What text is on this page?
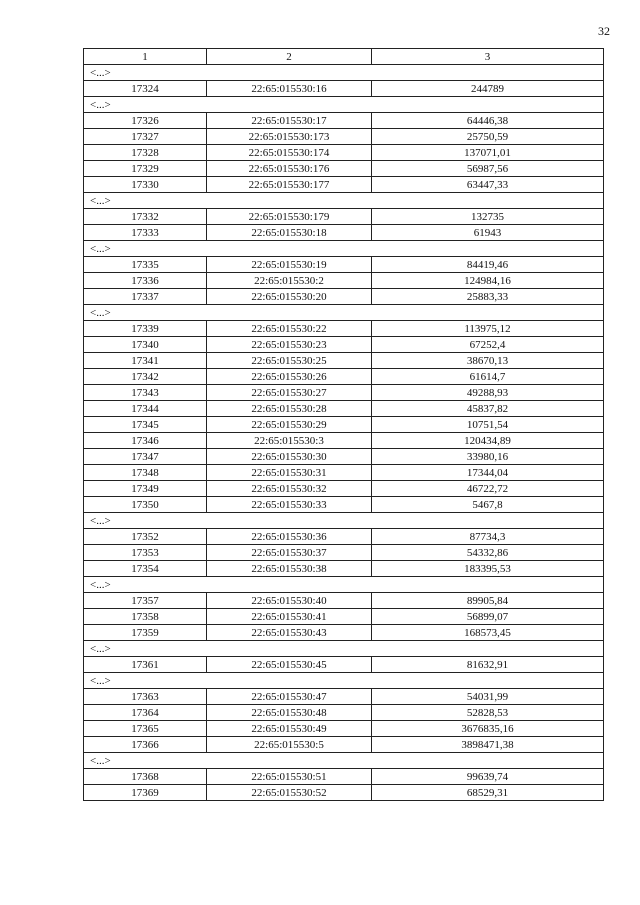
32
1	2	3
<...>		
17324	22:65:015530:16	244789
<...>		
17326	22:65:015530:17	64446,38
17327	22:65:015530:173	25750,59
17328	22:65:015530:174	137071,01
17329	22:65:015530:176	56987,56
17330	22:65:015530:177	63447,33
<...>		
17332	22:65:015530:179	132735
17333	22:65:015530:18	61943
<...>		
17335	22:65:015530:19	84419,46
17336	22:65:015530:2	124984,16
17337	22:65:015530:20	25883,33
<...>		
17339	22:65:015530:22	113975,12
17340	22:65:015530:23	67252,4
17341	22:65:015530:25	38670,13
17342	22:65:015530:26	61614,7
17343	22:65:015530:27	49288,93
17344	22:65:015530:28	45837,82
17345	22:65:015530:29	10751,54
17346	22:65:015530:3	120434,89
17347	22:65:015530:30	33980,16
17348	22:65:015530:31	17344,04
17349	22:65:015530:32	46722,72
17350	22:65:015530:33	5467,8
<...>		
17352	22:65:015530:36	87734,3
17353	22:65:015530:37	54332,86
17354	22:65:015530:38	183395,53
<...>		
17357	22:65:015530:40	89905,84
17358	22:65:015530:41	56899,07
17359	22:65:015530:43	168573,45
<...>		
17361	22:65:015530:45	81632,91
<...>		
17363	22:65:015530:47	54031,99
17364	22:65:015530:48	52828,53
17365	22:65:015530:49	3676835,16
17366	22:65:015530:5	3898471,38
<...>		
17368	22:65:015530:51	99639,74
17369	22:65:015530:52	68529,31
